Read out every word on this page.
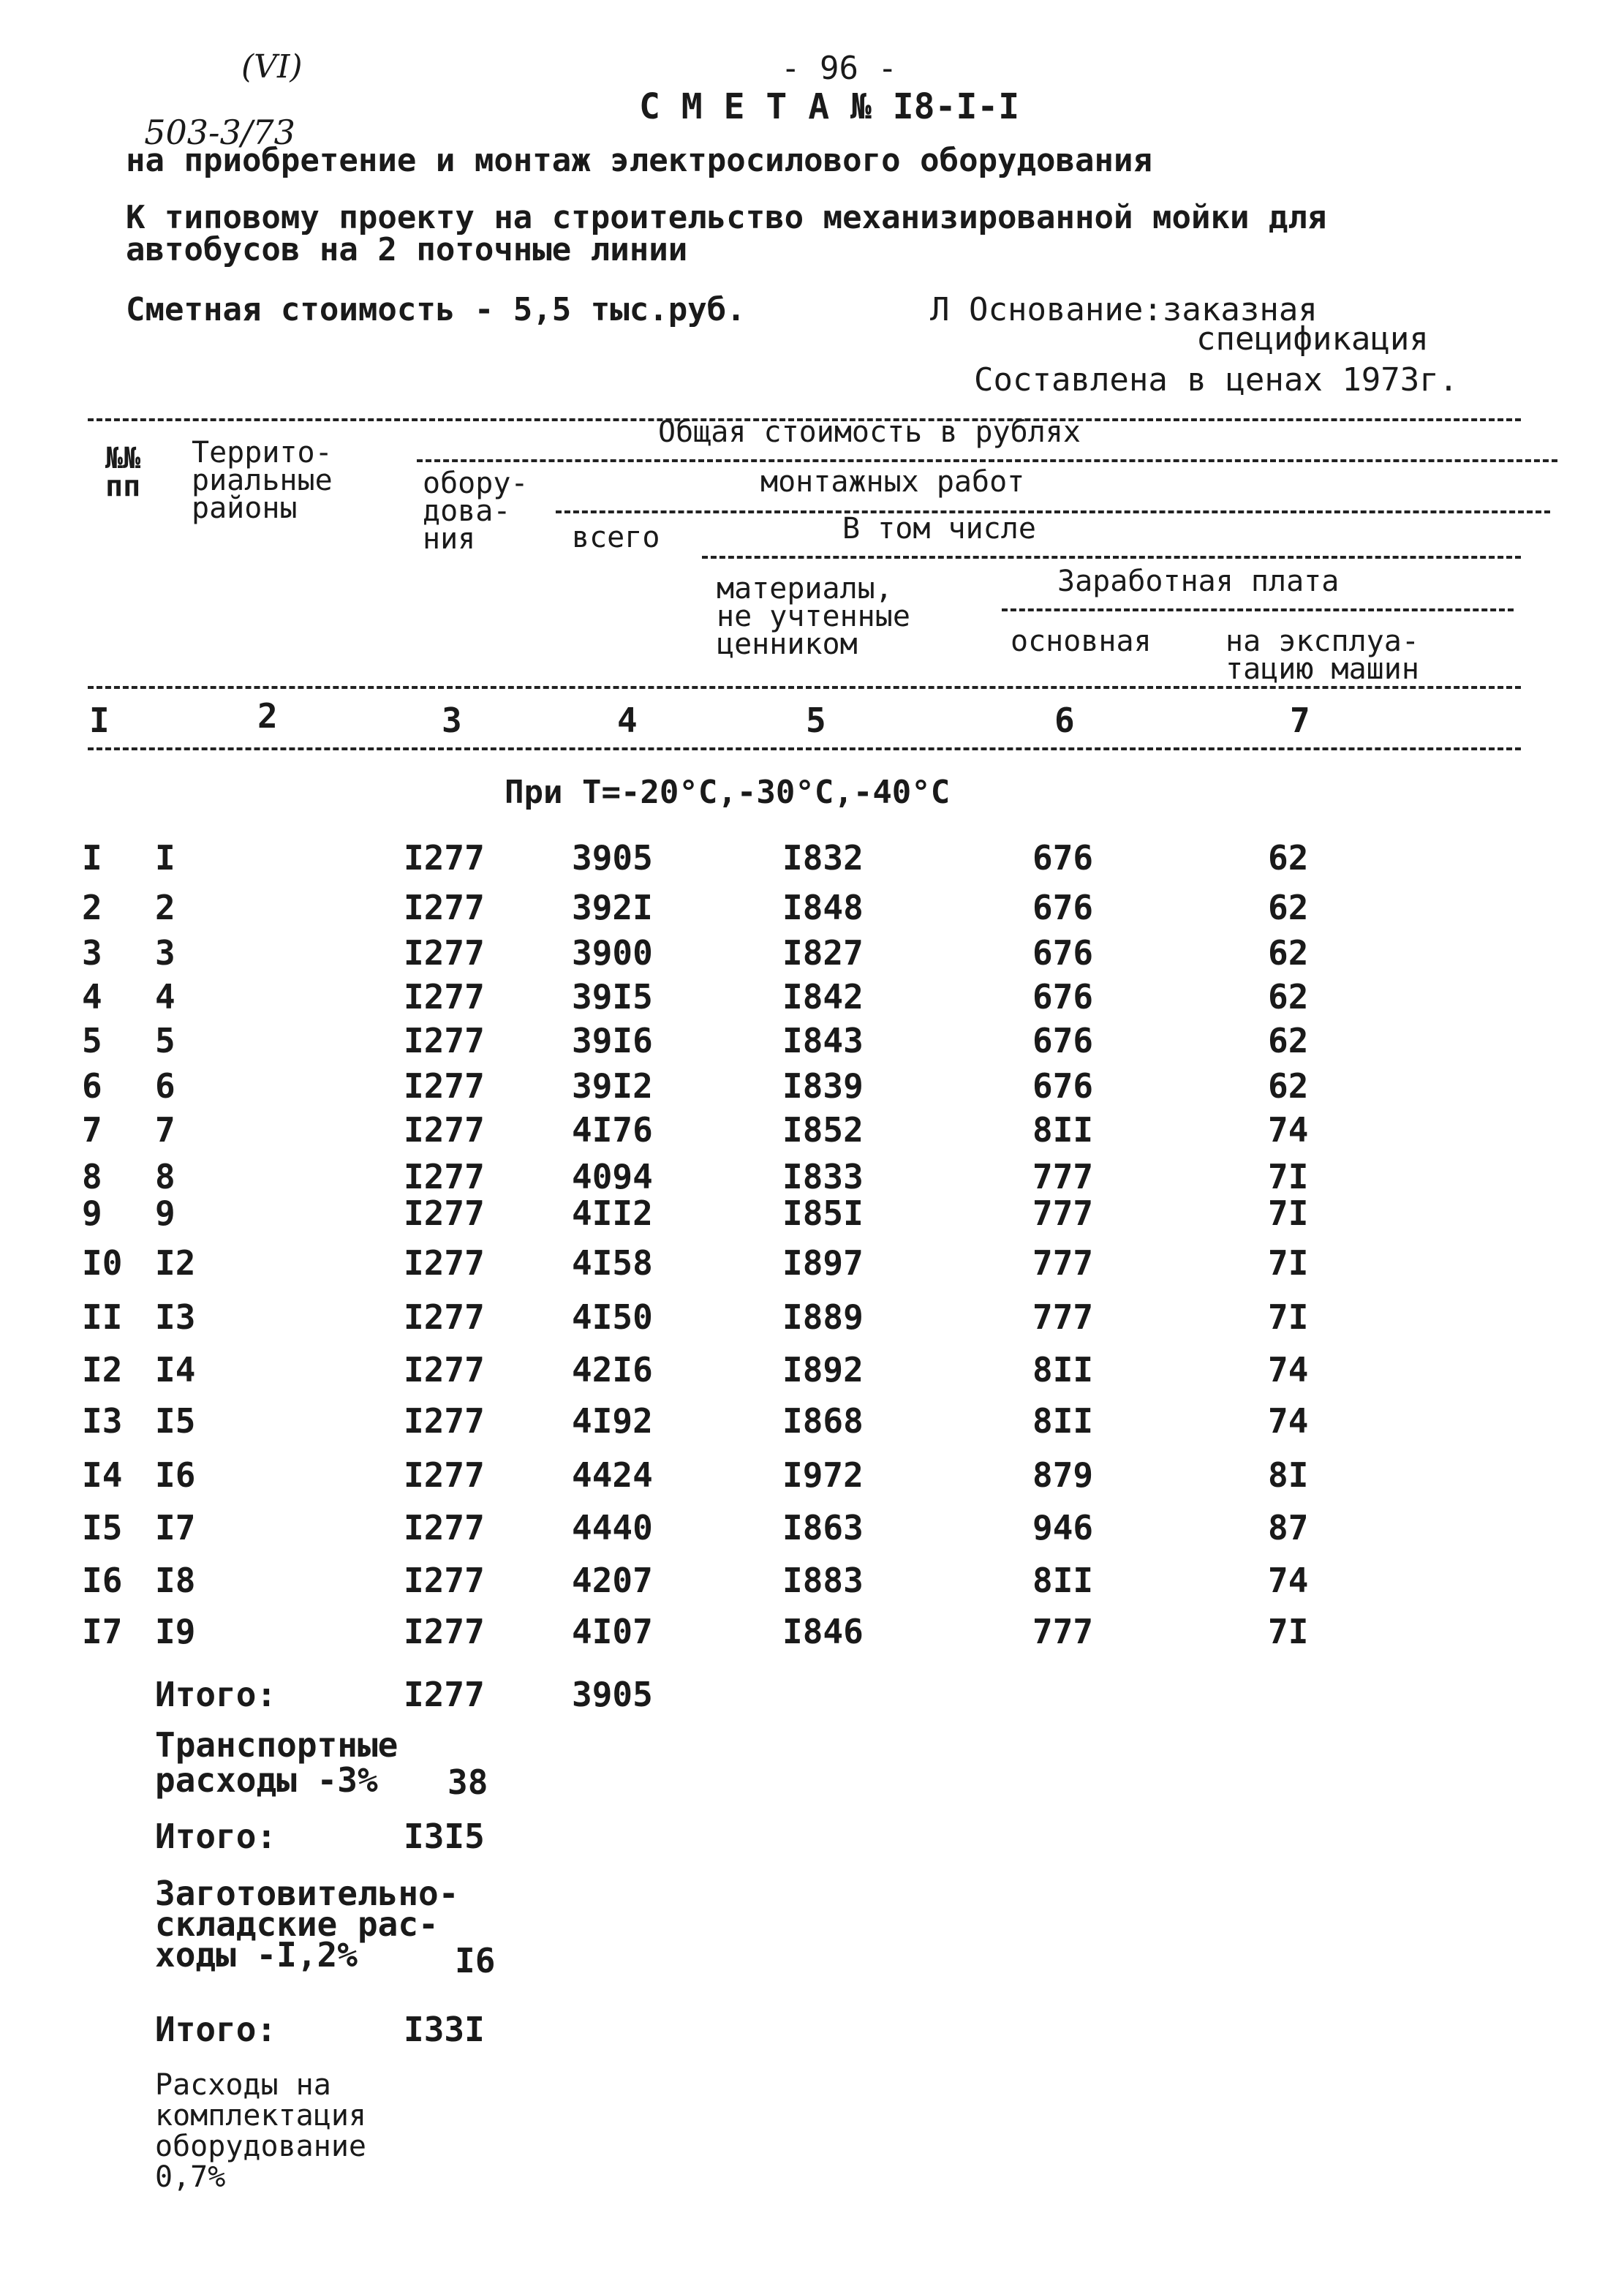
503-3/73

(VI)	- 96 -
С М Е Т А № I8-I-I
на приобретение и монтаж электросилового оборудования
К типовому проекту на строительство механизированной мойки для
автобусов на 2 поточные линии
Сметная стоимость - 5,5 тыс.руб.	Л Основание:заказная
спецификация
Составлена в ценах 1973г.
№№
пп
Террито-
риальные
районы
Общая стоимость в рублях
обору-
дова-
ния
монтажных работ
всего	В том числе
материалы,
не учтенные
ценником
Заработная плата
основная	на эксплуа-
тацию машин
I	2	3	4	5	6	7
При Т=-20°С,-30°С,-40°С
I I	I277	3905	I832	676	62
2 2	I277	392I	I848	676	62
3 3	I277	3900	I827	676	62
4 4	I277	39I5	I842	676	62
5 5	I277	39I6	I843	676	62
6 6	I277	39I2	I839	676	62
7 7	I277	4I76	I852	8II	74
8 8	I277	4094	I833	777	7I
9 9	I277	4II2	I85I	777	7I
I0 I2	I277	4I58	I897	777	7I
II I3	I277	4I50	I889	777	7I
I2 I4	I277	42I6	I892	8II	74
I3 I5	I277	4I92	I868	8II	74
I4 I6	I277	4424	I972	879	8I
I5 I7	I277	4440	I863	946	87
I6 I8	I277	4207	I883	8II	74
I7 I9	I277	4I07	I846	777	7I
Итого:	I277	3905
Транспортные
расходы -3%	38
Итого:	I3I5
Заготовительно-
складские рас-
ходы -I,2%	I6
Итого:	I33I
Расходы на
комплектация
оборудование
0,7%
